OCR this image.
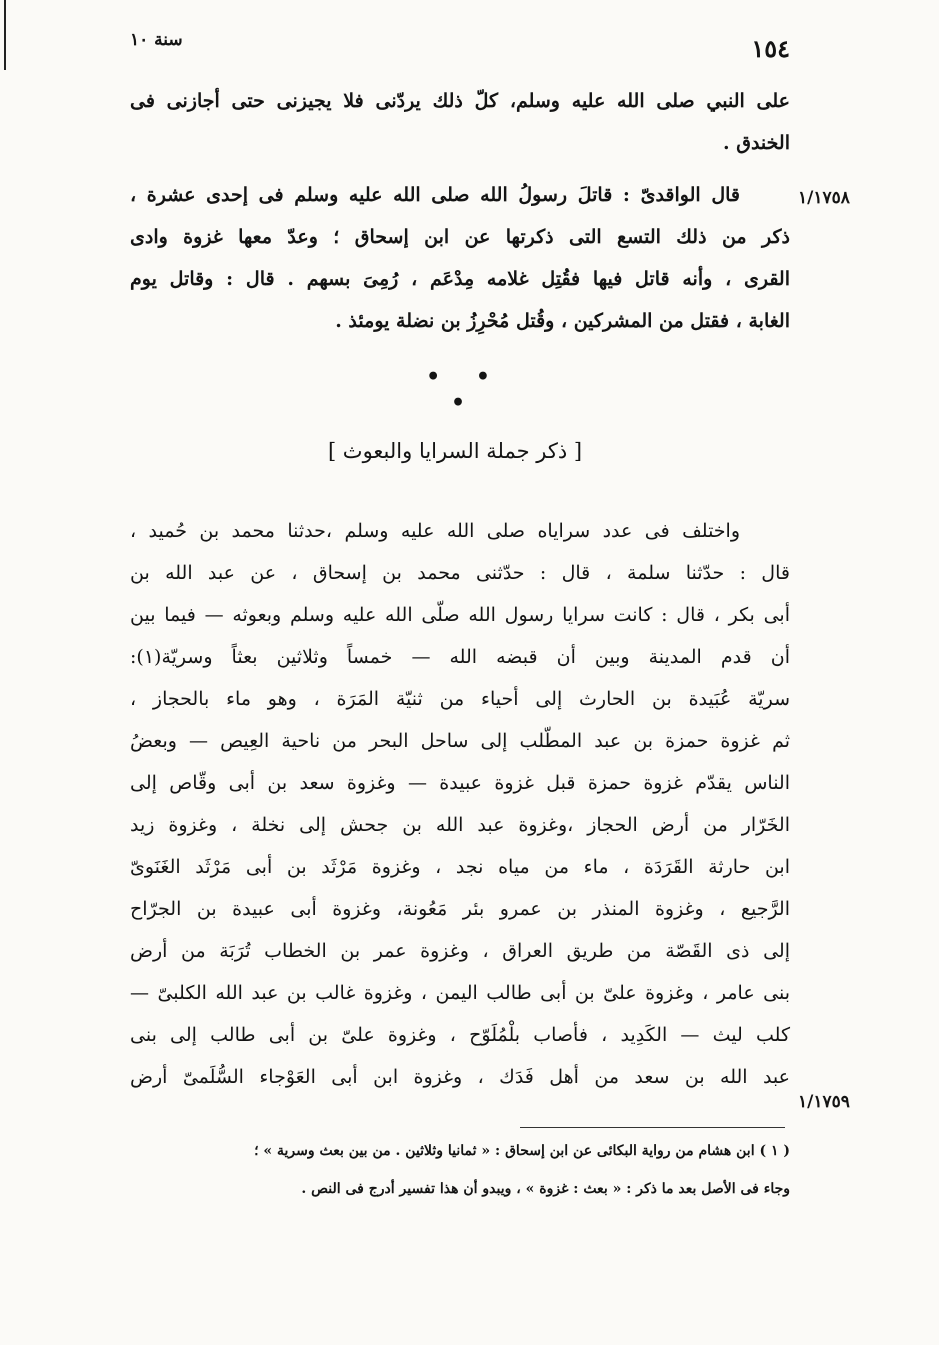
١٥٤
سنة ١٠
على النبي صلى الله عليه وسلم، كلّ ذلك يردّنى فلا يجيزنى حتى أجازنى فى
الخندق .
١/١٧٥٨
قال الواقدىّ : قاتلَ رسولُ الله صلى الله عليه وسلم فى إحدى عشرة ،
ذكر من ذلك التسع التى ذكرتها عن ابن إسحاق ؛ وعدّ معها غزوة وادى
القرى ، وأنه قاتل فيها فقُتِل غلامه مِدْعَم ، رُمِىَ بسهم . قال : وقاتل يوم
الغابة ، فقتل من المشركين ، وقُتل مُحْرِزُ بن نضلة يومئذ .
• • •
[ ذكر جملة السرايا والبعوث ]
واختلف فى عدد سراياه صلى الله عليه وسلم ،حدثنا محمد بن حُميد ،
قال : حدّثنا سلمة ، قال : حدّثنى محمد بن إسحاق ، عن عبد الله بن
أبى بكر ، قال : كانت سرايا رسول الله صلّى الله عليه وسلم وبعوثه — فيما بين
أن قدم المدينة وبين أن قبضه الله — خمساً وثلاثين بعثاً وسريّة(١):
سريّة عُبَيدة بن الحارث إلى أحياء من ثنيّة المَرَة ، وهو ماء بالحجاز ،
ثم غزوة حمزة بن عبد المطّلب إلى ساحل البحر من ناحية العِيص — وبعضُ
الناس يقدّم غزوة حمزة قبل غزوة عبيدة — وغزوة سعد بن أبى وقّاص إلى
الخَرّار من أرض الحجاز ،وغزوة عبد الله بن جحش إلى نخلة ، وغزوة زيد
ابن حارثة القَرَدَة ، ماء من مياه نجد ، وغزوة مَرْثَد بن أبى مَرْثَد الغَنَوىّ
الرَّجيع ، وغزوة المنذر بن عمرو بئر مَعُونة، وغزوة أبى عبيدة بن الجرّاح
إلى ذى القَصّة من طريق العراق ، وغزوة عمر بن الخطاب تُرَبَة من أرض
بنى عامر ، وغزوة علىّ بن أبى طالب اليمن ، وغزوة غالب بن عبد الله الكلبىّ —
كلب ليث — الكَدِيد ، فأصاب بلْمُلَوّح ، وغزوة علىّ بن أبى طالب إلى بنى
عبد الله بن سعد من أهل فَدَك ، وغزوة ابن أبى العَوْجاء السُّلَمىّ أرض
١/١٧٥٩
( ١ ) ابن هشام من رواية البكائى عن ابن إسحاق : « ثمانيا وثلاثين . من بين بعث وسرية » ؛
وجاء فى الأصل بعد ما ذكر : « بعث : غزوة » ، ويبدو أن هذا تفسير أدرج فى النص .
